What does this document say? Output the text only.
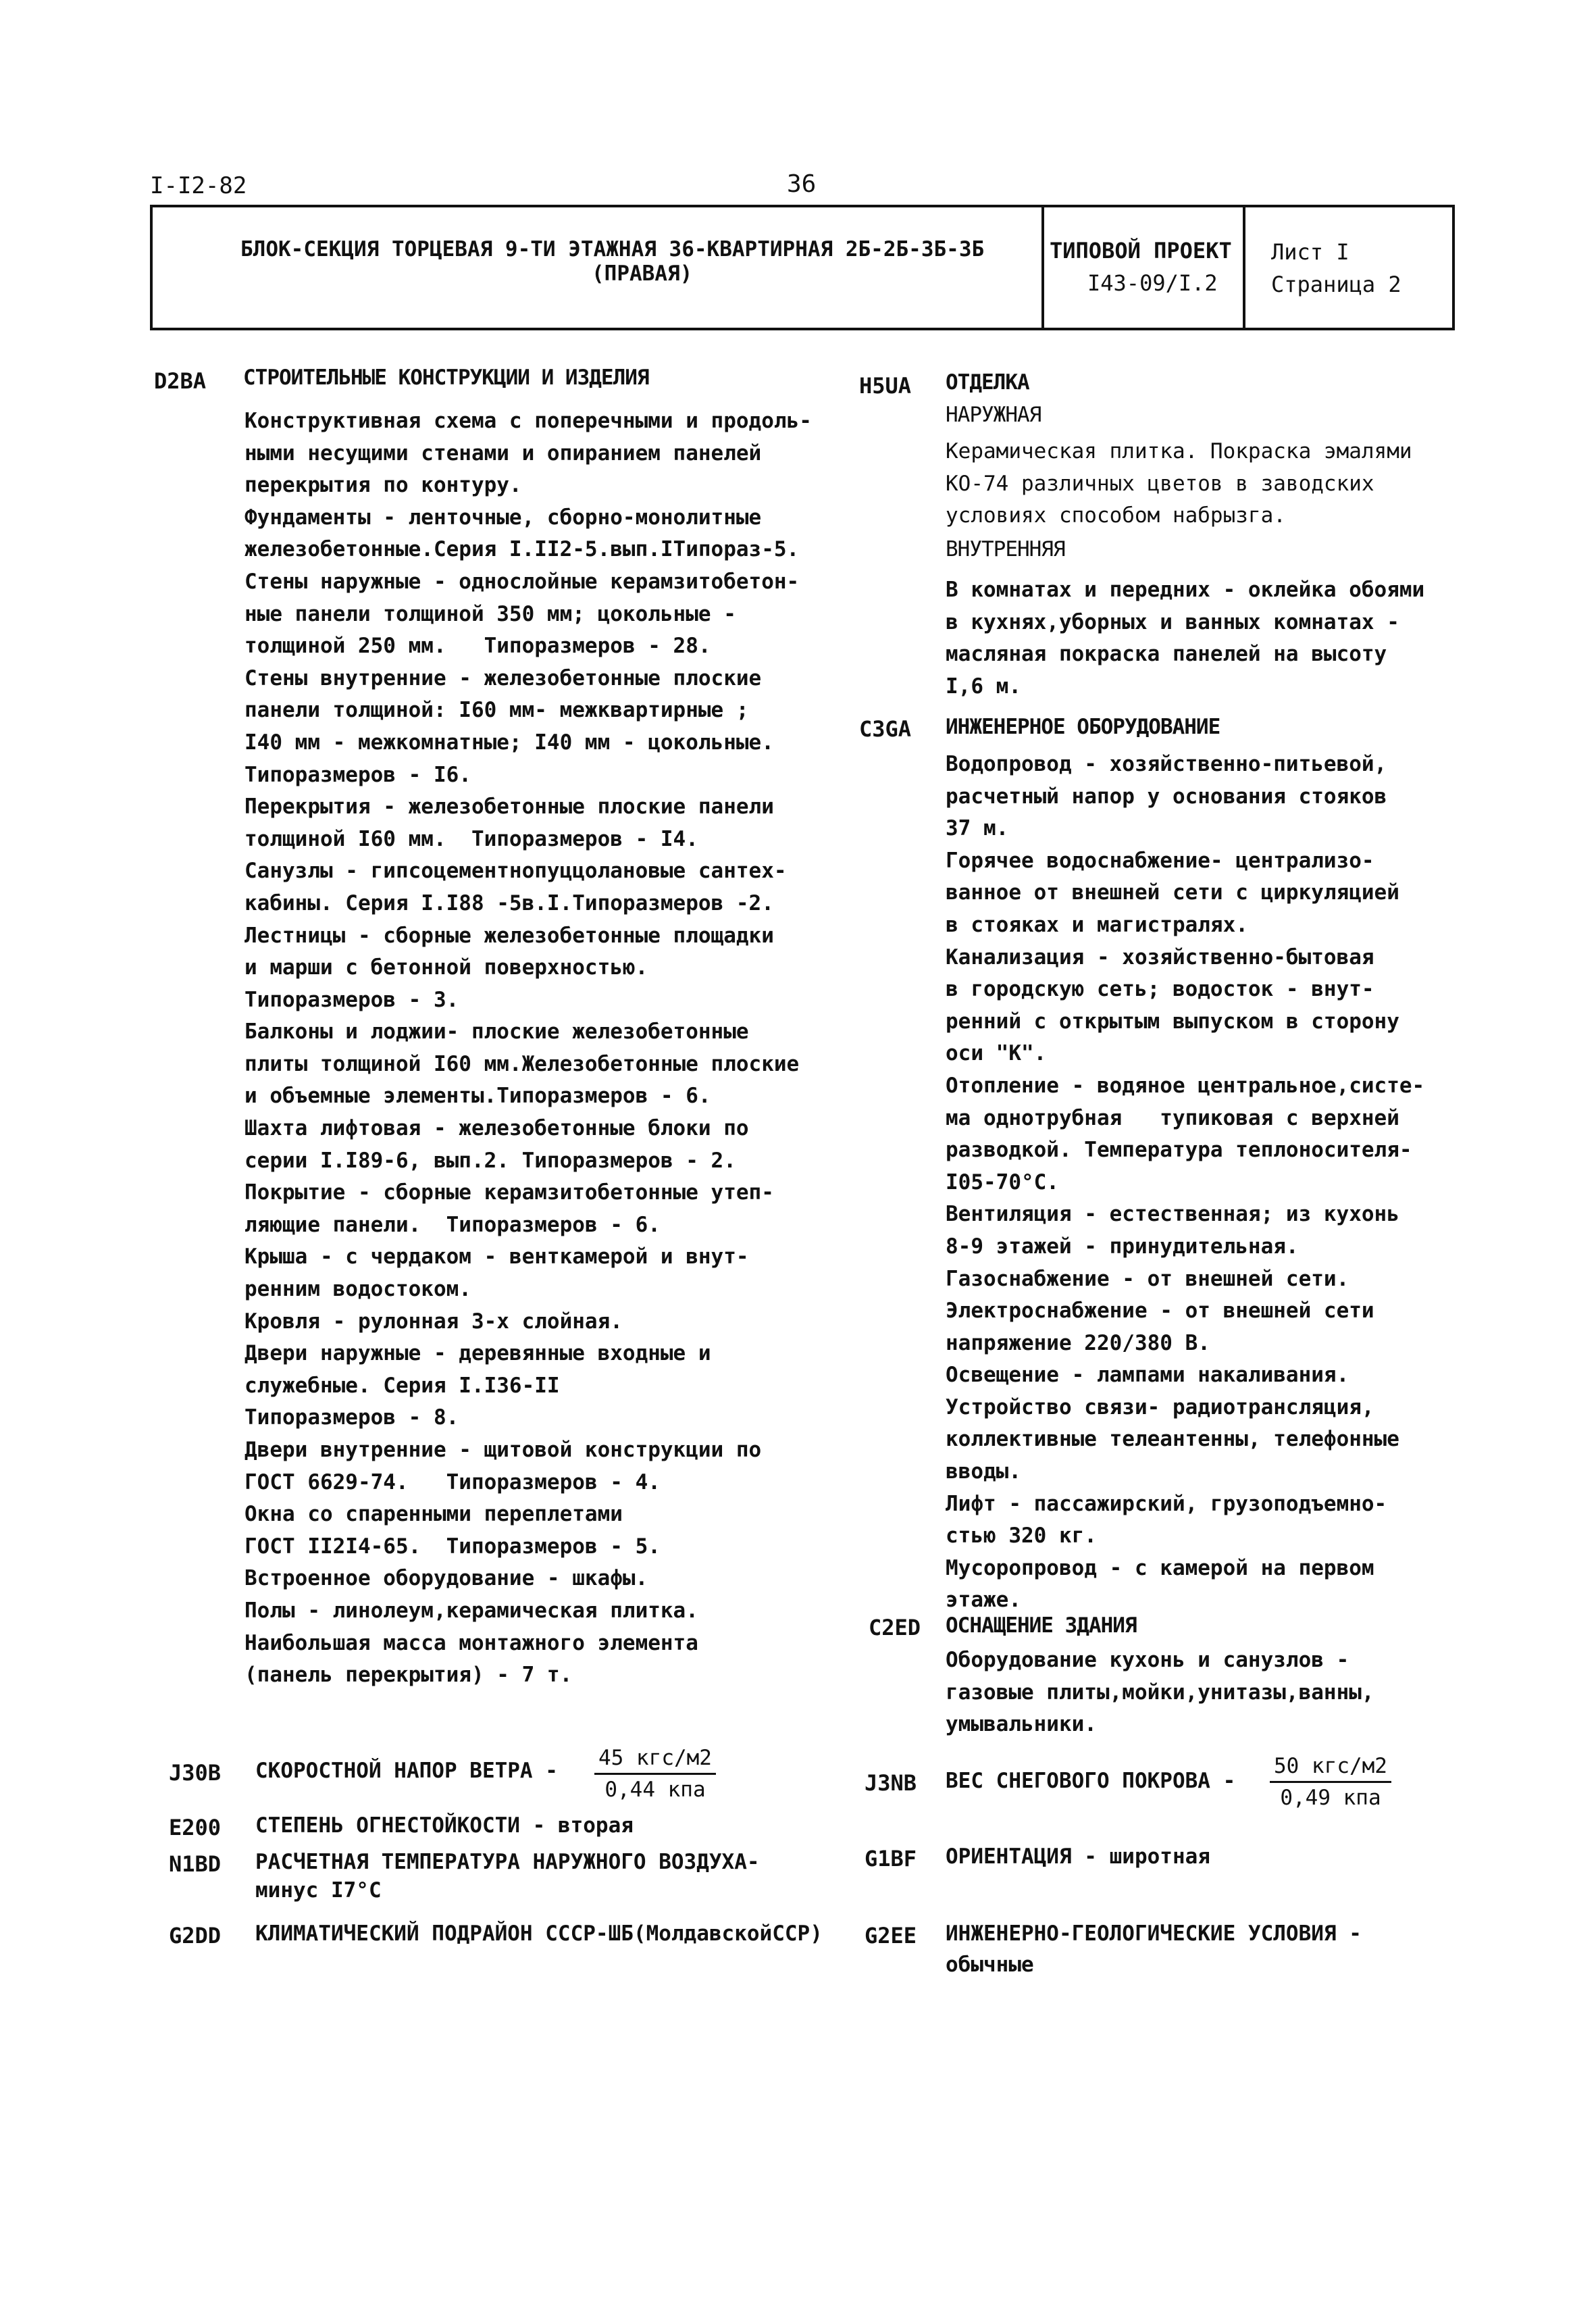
I-I2-82	36
БЛОК-СЕКЦИЯ ТОРЦЕВАЯ 9-ТИ ЭТАЖНАЯ 36-КВАРТИРНАЯ 2Б-2Б-3Б-3Б
(ПРАВАЯ)
ТИПОВОЙ ПРОЕКТ
I43-09/I.2
Лист I
Страница 2
D2BA СТРОИТЕЛЬНЫЕ КОНСТРУКЦИИ И ИЗДЕЛИЯ
Конструктивная схема с поперечными и продоль-
ными несущими стенами и опиранием панелей
перекрытия по контуру.
Фундаменты - ленточные, сборно-монолитные
железобетонные.Серия I.II2-5.вып.IТипораз-5.
Стены наружные - однослойные керамзитобетон-
ные панели толщиной 350 мм; цокольные -
толщиной 250 мм.   Типоразмеров - 28.
Стены внутренние - железобетонные плоские
панели толщиной: I60 мм- межквартирные ;
I40 мм - межкомнатные; I40 мм - цокольные.
Типоразмеров - I6.
Перекрытия - железобетонные плоские панели
толщиной I60 мм.  Типоразмеров - I4.
Санузлы - гипсоцементнопуццолановые сантех-
кабины. Серия I.I88 -5в.I.Типоразмеров -2.
Лестницы - сборные железобетонные площадки
и марши с бетонной поверхностью.
Типоразмеров - 3.
Балконы и лоджии- плоские железобетонные
плиты толщиной I60 мм.Железобетонные плоские
и объемные элементы.Типоразмеров - 6.
Шахта лифтовая - железобетонные блоки по
серии I.I89-6, вып.2. Типоразмеров - 2.
Покрытие - сборные керамзитобетонные утеп-
ляющие панели.  Типоразмеров - 6.
Крыша - с чердаком - венткамерой и внут-
ренним водостоком.
Кровля - рулонная 3-х слойная.
Двери наружные - деревянные входные и
служебные. Серия I.I36-II
Типоразмеров - 8.
Двери внутренние - щитовой конструкции по
ГОСТ 6629-74.   Типоразмеров - 4.
Окна со спаренными переплетами
ГОСТ II2I4-65.  Типоразмеров - 5.
Встроенное оборудование - шкафы.
Полы - линолеум,керамическая плитка.
Наибольшая масса монтажного элемента
(панель перекрытия) - 7 т.
H5UA ОТДЕЛКА
НАРУЖНАЯ
Керамическая плитка. Покраска эмалями
КО-74 различных цветов в заводских
условиях способом набрызга.
ВНУТРЕННЯЯ
В комнатах и передних - оклейка обоями
в кухнях,уборных и ванных комнатах -
масляная покраска панелей на высоту
I,6 м.
C3GA ИНЖЕНЕРНОЕ ОБОРУДОВАНИЕ
Водопровод - хозяйственно-питьевой,
расчетный напор у основания стояков
37 м.
Горячее водоснабжение- централизо-
ванное от внешней сети с циркуляцией
в стояках и магистралях.
Канализация - хозяйственно-бытовая
в городскую сеть; водосток - внут-
ренний с открытым выпуском в сторону
оси "К".
Отопление - водяное центральное,систе-
ма однотрубная   тупиковая с верхней
разводкой. Температура теплоносителя-
I05-70°С.
Вентиляция - естественная; из кухонь
8-9 этажей - принудительная.
Газоснабжение - от внешней сети.
Электроснабжение - от внешней сети
напряжение 220/380 В.
Освещение - лампами накаливания.
Устройство связи- радиотрансляция,
коллективные телеантенны, телефонные
вводы.
Лифт - пассажирский, грузоподъемно-
стью 320 кг.
Мусоропровод - с камерой на первом
этаже.
C2ED ОСНАЩЕНИЕ ЗДАНИЯ
Оборудование кухонь и санузлов -
газовые плиты,мойки,унитазы,ванны,
умывальники.
J30B СКОРОСТНОЙ НАПОР ВЕТРА -
45 кгс/м2
0,44 кпа	J3NB ВЕС СНЕГОВОГО ПОКРОВА -
50 кгс/м2
0,49 кпа
E200 СТЕПЕНЬ ОГНЕСТОЙКОСТИ - вторая
N1BD РАСЧЕТНАЯ ТЕМПЕРАТУРА НАРУЖНОГО ВОЗДУХА-
минус I7°С
G1BF ОРИЕНТАЦИЯ - широтная
G2DD КЛИМАТИЧЕСКИЙ ПОДРАЙОН СССР-ШБ(МолдавскойССР) G2EE ИНЖЕНЕРНО-ГЕОЛОГИЧЕСКИЕ УСЛОВИЯ -
обычные
